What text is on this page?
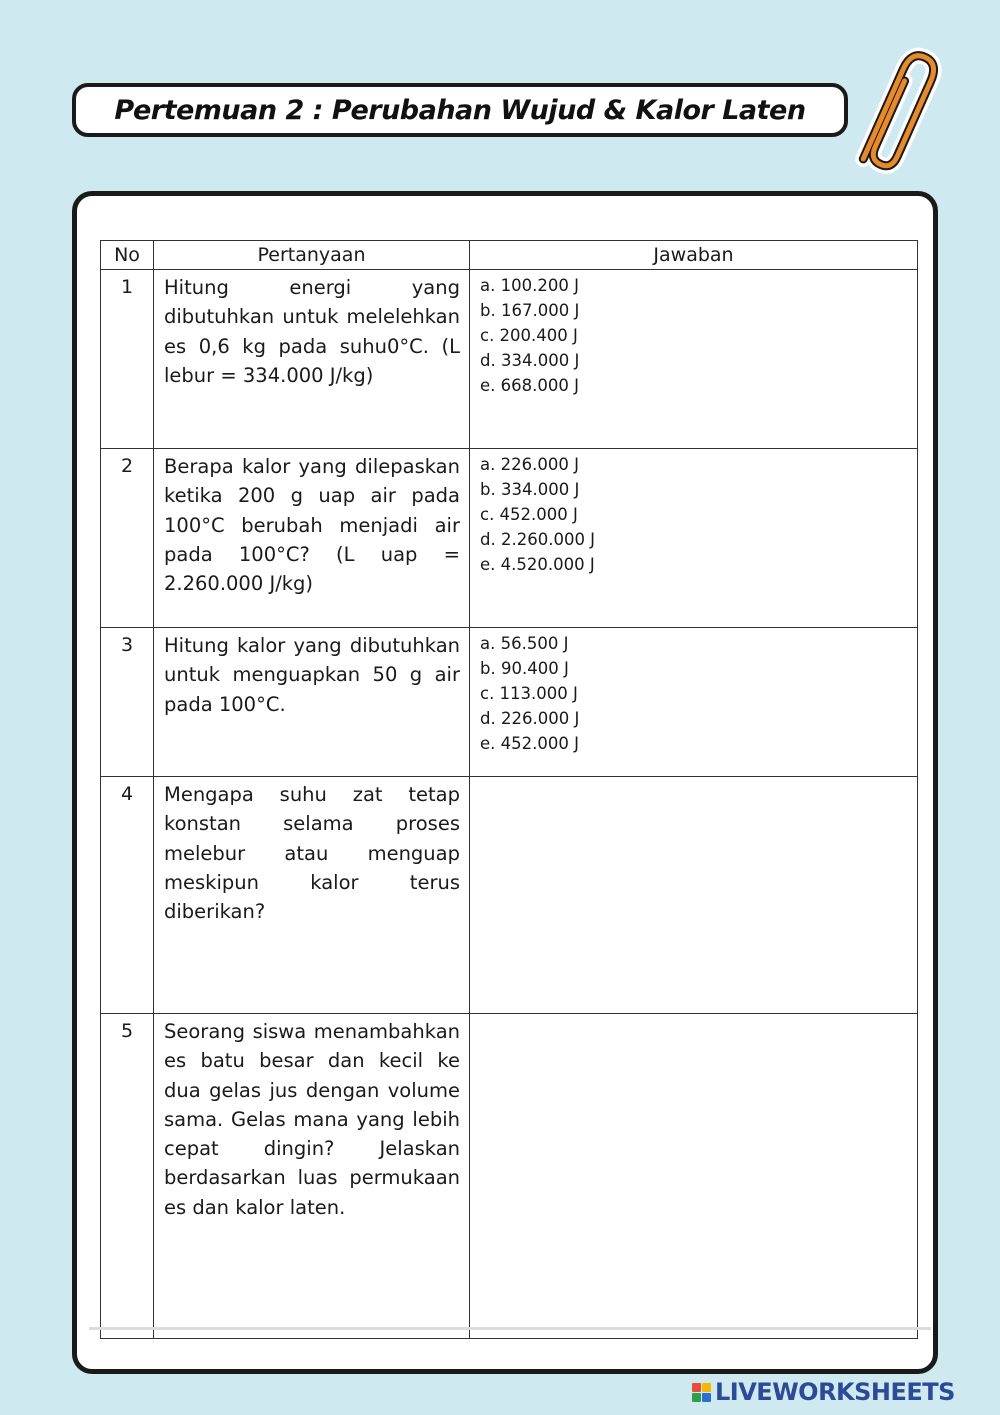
Pertemuan 2 : Perubahan Wujud & Kalor Laten
No	Pertanyaan	Jawaban
1	Hitung energi yang dibutuhkan untuk melelehkan es 0,6 kg pada suhu0°C. (L lebur = 334.000 J/kg)	a. 100.200 J
b. 167.000 J
c. 200.400 J
d. 334.000 J
e. 668.000 J

2	Berapa kalor yang dilepaskan ketika 200 g uap air pada 100°C berubah menjadi air pada 100°C? (L uap = 2.260.000 J/kg)	a. 226.000 J
b. 334.000 J
c. 452.000 J
d. 2.260.000 J
e. 4.520.000 J

3	Hitung kalor yang dibutuhkan untuk menguapkan 50 g air pada 100°C.	a. 56.500 J
b. 90.400 J
c. 113.000 J
d. 226.000 J
e. 452.000 J

4	Mengapa suhu zat tetap konstan selama proses melebur atau menguap meskipun kalor terus diberikan?	
5	Seorang siswa menambahkan es batu besar dan kecil ke dua gelas jus dengan volume sama. Gelas mana yang lebih cepat dingin? Jelaskan berdasarkan luas permukaan es dan kalor laten.	
LIVEWORKSHEETS
